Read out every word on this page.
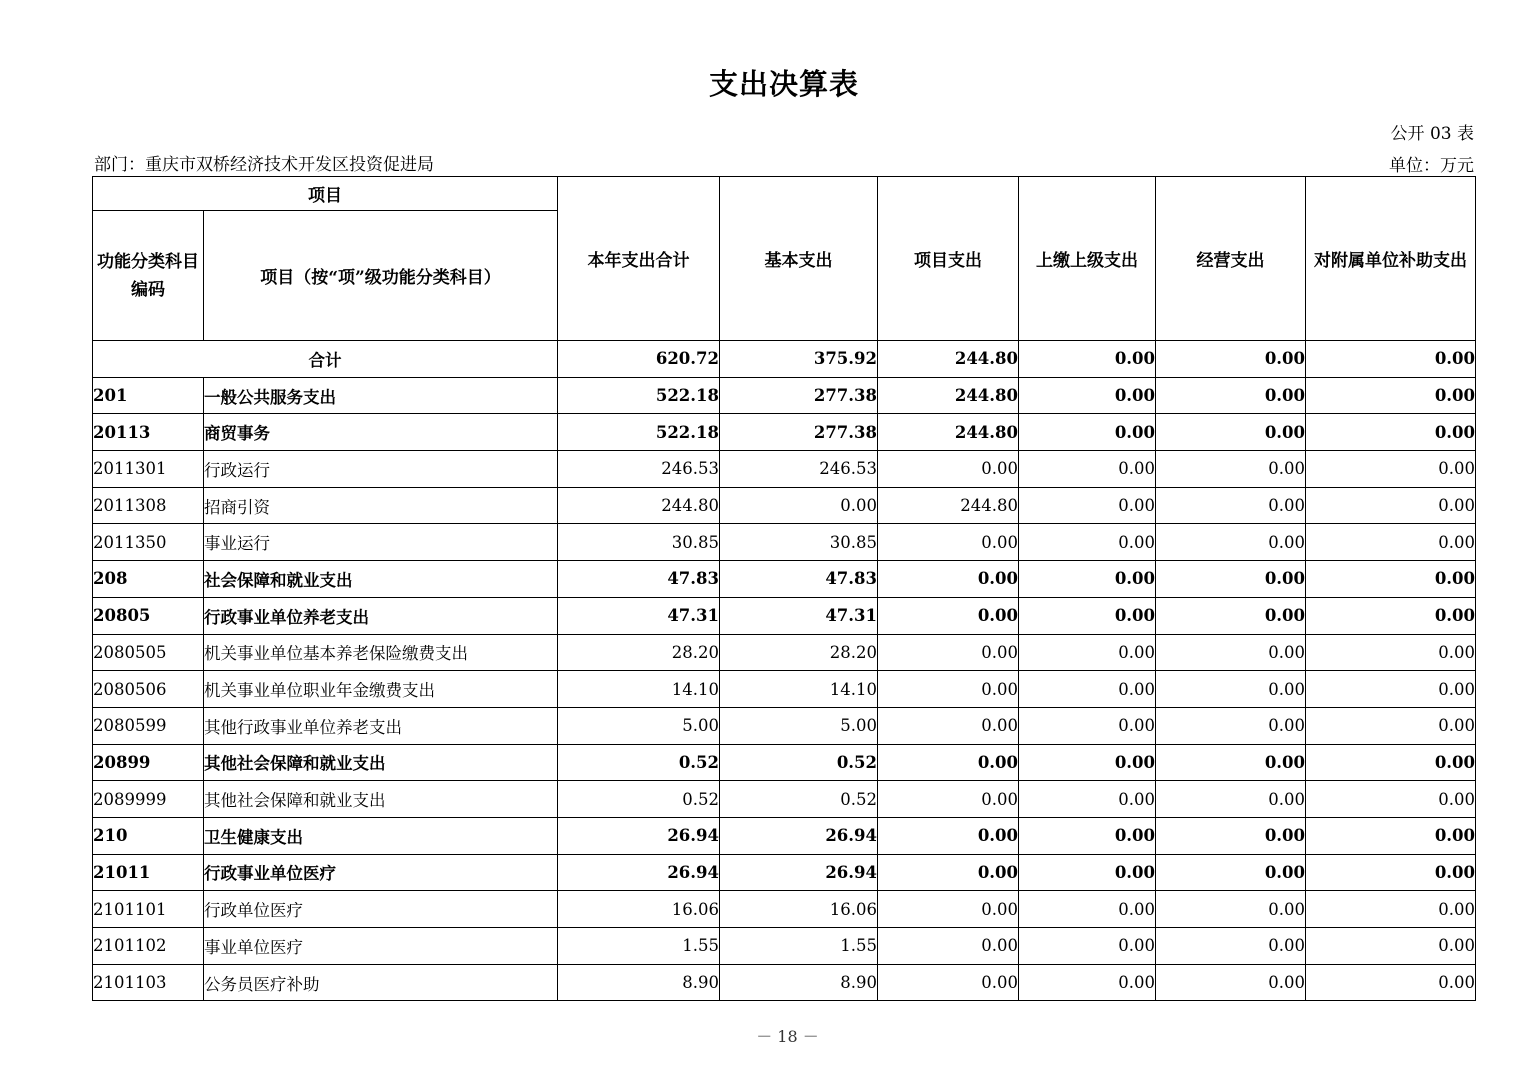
支出决算表
公开 03 表
部门：重庆市双桥经济技术开发区投资促进局	单位：万元
项目		本年支出合计	基本支出	项目支出	上缴上级支出	经营支出	对附属单位补助支出
功能分类科目编码	项目（按“项”级功能分类科目）						
合计		620.72	375.92	244.80	0.00	0.00	0.00
201	一般公共服务支出	522.18	277.38	244.80	0.00	0.00	0.00
20113	商贸事务	522.18	277.38	244.80	0.00	0.00	0.00
2011301	行政运行	246.53	246.53	0.00	0.00	0.00	0.00
2011308	招商引资	244.80	0.00	244.80	0.00	0.00	0.00
2011350	事业运行	30.85	30.85	0.00	0.00	0.00	0.00
208	社会保障和就业支出	47.83	47.83	0.00	0.00	0.00	0.00
20805	行政事业单位养老支出	47.31	47.31	0.00	0.00	0.00	0.00
2080505	机关事业单位基本养老保险缴费支出	28.20	28.20	0.00	0.00	0.00	0.00
2080506	机关事业单位职业年金缴费支出	14.10	14.10	0.00	0.00	0.00	0.00
2080599	其他行政事业单位养老支出	5.00	5.00	0.00	0.00	0.00	0.00
20899	其他社会保障和就业支出	0.52	0.52	0.00	0.00	0.00	0.00
2089999	其他社会保障和就业支出	0.52	0.52	0.00	0.00	0.00	0.00
210	卫生健康支出	26.94	26.94	0.00	0.00	0.00	0.00
21011	行政事业单位医疗	26.94	26.94	0.00	0.00	0.00	0.00
2101101	行政单位医疗	16.06	16.06	0.00	0.00	0.00	0.00
2101102	事业单位医疗	1.55	1.55	0.00	0.00	0.00	0.00
2101103	公务员医疗补助	8.90	8.90	0.00	0.00	0.00	0.00
－ 18 －
